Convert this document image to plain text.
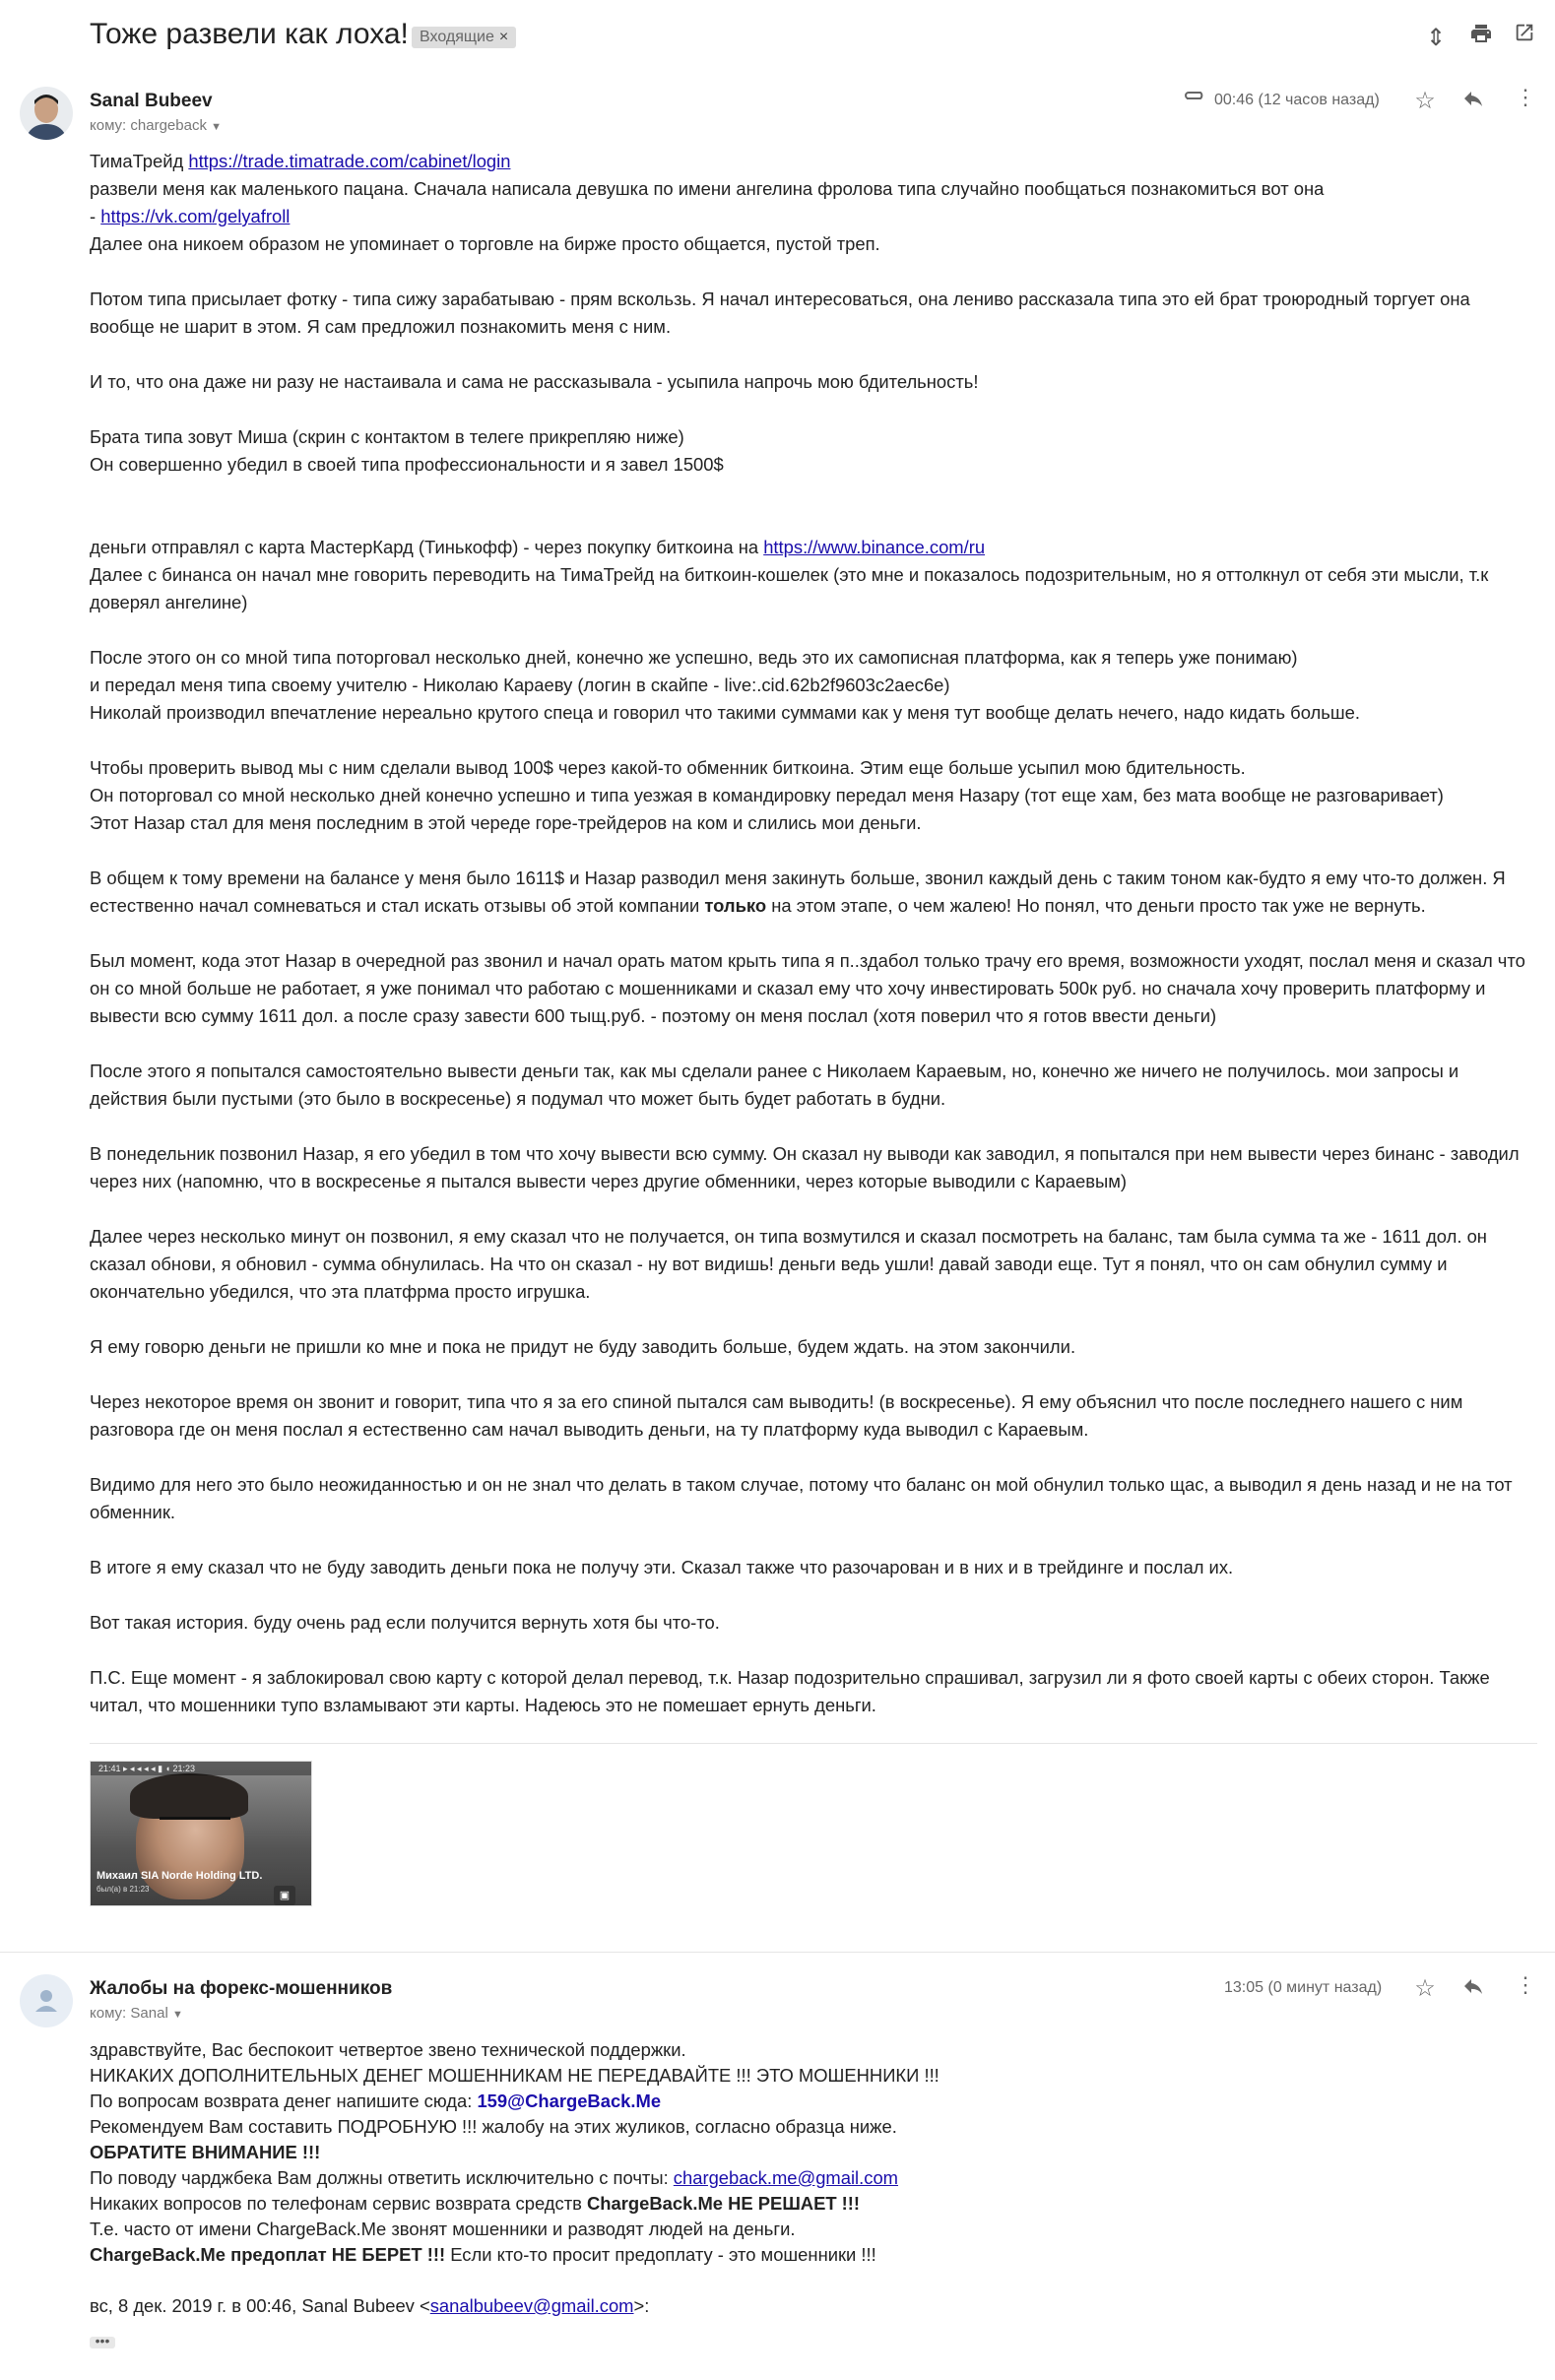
Тоже развели как лоха! Входящие ×	⇕
Sanal Bubeev
кому: chargeback ▼
00:46 (12 часов назад) ☆	⋮

ТимаТрейд https://trade.timatrade.com/cabinet/login

развели меня как маленького пацана. Сначала написала девушка по имени ангелина фролова типа случайно пообщаться познакомиться вот она

- https://vk.com/gelyafroll

Далее она никоем образом не упоминает о торговле на бирже просто общается, пустой треп.

Потом типа присылает фотку - типа сижу зарабатываю - прям вскользь. Я начал интересоваться, она лениво рассказала типа это ей брат троюродный торгует она вообще не шарит в этом. Я сам предложил познакомить меня с ним.

И то, что она даже ни разу не настаивала и сама не рассказывала - усыпила напрочь мою бдительность!

Брата типа зовут Миша (скрин с контактом в телеге прикрепляю ниже)

Он совершенно убедил в своей типа профессиональности и я завел 1500$

деньги отправлял с карта МастерКард (Тинькофф) - через покупку биткоина на https://www.binance.com/ru

Далее с бинанса он начал мне говорить переводить на ТимаТрейд на биткоин-кошелек (это мне и показалось подозрительным, но я оттолкнул от себя эти мысли, т.к доверял ангелине)

После этого он со мной типа поторговал несколько дней, конечно же успешно, ведь это их самописная платформа, как я теперь уже понимаю)

и передал меня типа своему учителю - Николаю Караеву (логин в скайпе - live:.cid.62b2f9603c2aec6e)

Николай производил впечатление нереально крутого спеца и говорил что такими суммами как у меня тут вообще делать нечего, надо кидать больше.

Чтобы проверить вывод мы с ним сделали вывод 100$ через какой-то обменник биткоина. Этим еще больше усыпил мою бдительность.

Он поторговал со мной несколько дней конечно успешно и типа уезжая в командировку передал меня Назару (тот еще хам, без мата вообще не разговаривает)

Этот Назар стал для меня последним в этой череде горе-трейдеров на ком и слились мои деньги.

В общем к тому времени на балансе у меня было 1611$ и Назар разводил меня закинуть больше, звонил каждый день с таким тоном как-будто я ему что-то должен. Я естественно начал сомневаться и стал искать отзывы об этой компании только на этом этапе, о чем жалею! Но понял, что деньги просто так уже не вернуть.

Был момент, кода этот Назар в очередной раз звонил и начал орать матом крыть типа я п..здабол только трачу его время, возможности уходят, послал меня и сказал что он со мной больше не работает, я уже понимал что работаю с мошенниками и сказал ему что хочу инвестировать 500к руб. но сначала хочу проверить платформу и вывести всю сумму 1611 дол. а после сразу завести 600 тыщ.руб. - поэтому он меня послал (хотя поверил что я готов ввести деньги)

После этого я попытался самостоятельно вывести деньги так, как мы сделали ранее с Николаем Караевым, но, конечно же ничего не получилось. мои запросы и действия были пустыми (это было в воскресенье) я подумал что может быть будет работать в будни.

В понедельник позвонил Назар, я его убедил в том что хочу вывести всю сумму. Он сказал ну выводи как заводил, я попытался при нем вывести через бинанс - заводил через них (напомню, что в воскресенье я пытался вывести через другие обменники, через которые выводили с Караевым)

Далее через несколько минут он позвонил, я ему сказал что не получается, он типа возмутился и сказал посмотреть на баланс, там была сумма та же - 1611 дол. он сказал обнови, я обновил - сумма обнулилась. На что он сказал - ну вот видишь! деньги ведь ушли! давай заводи еще. Тут я понял, что он сам обнулил сумму и окончательно убедился, что эта платфрма просто игрушка.

Я ему говорю деньги не пришли ко мне и пока не придут не буду заводить больше, будем ждать. на этом закончили.

Через некоторое время он звонит и говорит, типа что я за его спиной пытался сам выводить! (в воскресенье). Я ему объяснил что после последнего нашего с ним разговора где он меня послал я естественно сам начал выводить деньги, на ту платформу куда выводил с Караевым.

Видимо для него это было неожиданностью и он не знал что делать в таком случае, потому что баланс он мой обнулил только щас, а выводил я день назад и не на тот обменник.

В итоге я ему сказал что не буду заводить деньги пока не получу эти. Сказал также что разочарован и в них и в трейдинге и послал их.

Вот такая история. буду очень рад если получится вернуть хотя бы что-то.

П.С. Еще момент - я заблокировал свою карту с которой делал перевод, т.к. Назар подозрительно спрашивал, загрузил ли я фото своей карты с обеих сторон. Также читал, что мошенники тупо взламывают эти карты. Надеюсь это не помешает ернуть деньги.

21:41 ▸ ◂ ◂ ◂ ◂ ▮ ◖ 21:23
Михаил SIA Norde Holding LTD.
был(а) в 21:23
▣
Жалобы на форекс-мошенников
кому: Sanal ▼
13:05 (0 минут назад) ☆	⋮

здравствуйте, Вас беспокоит четвертое звено технической поддержки.

НИКАКИХ ДОПОЛНИТЕЛЬНЫХ ДЕНЕГ МОШЕННИКАМ НЕ ПЕРЕДАВАЙТЕ !!! ЭТО МОШЕННИКИ !!!

По вопросам возврата денег напишите сюда: 159@ChargeBack.Me

Рекомендуем Вам составить ПОДРОБНУЮ !!! жалобу на этих жуликов, согласно образца ниже.

ОБРАТИТЕ ВНИМАНИЕ !!!

По поводу чарджбека Вам должны ответить исключительно с почты: chargeback.me@gmail.com

Никаких вопросов по телефонам сервис возврата средств ChargeBack.Me НЕ РЕШАЕТ !!!

Т.е. часто от имени ChargeBack.Me звонят мошенники и разводят людей на деньги.

ChargeBack.Me предоплат НЕ БЕРЕТ !!! Если кто-то просит предоплату - это мошенники !!!

вс, 8 дек. 2019 г. в 00:46, Sanal Bubeev <sanalbubeev@gmail.com>:

•••
